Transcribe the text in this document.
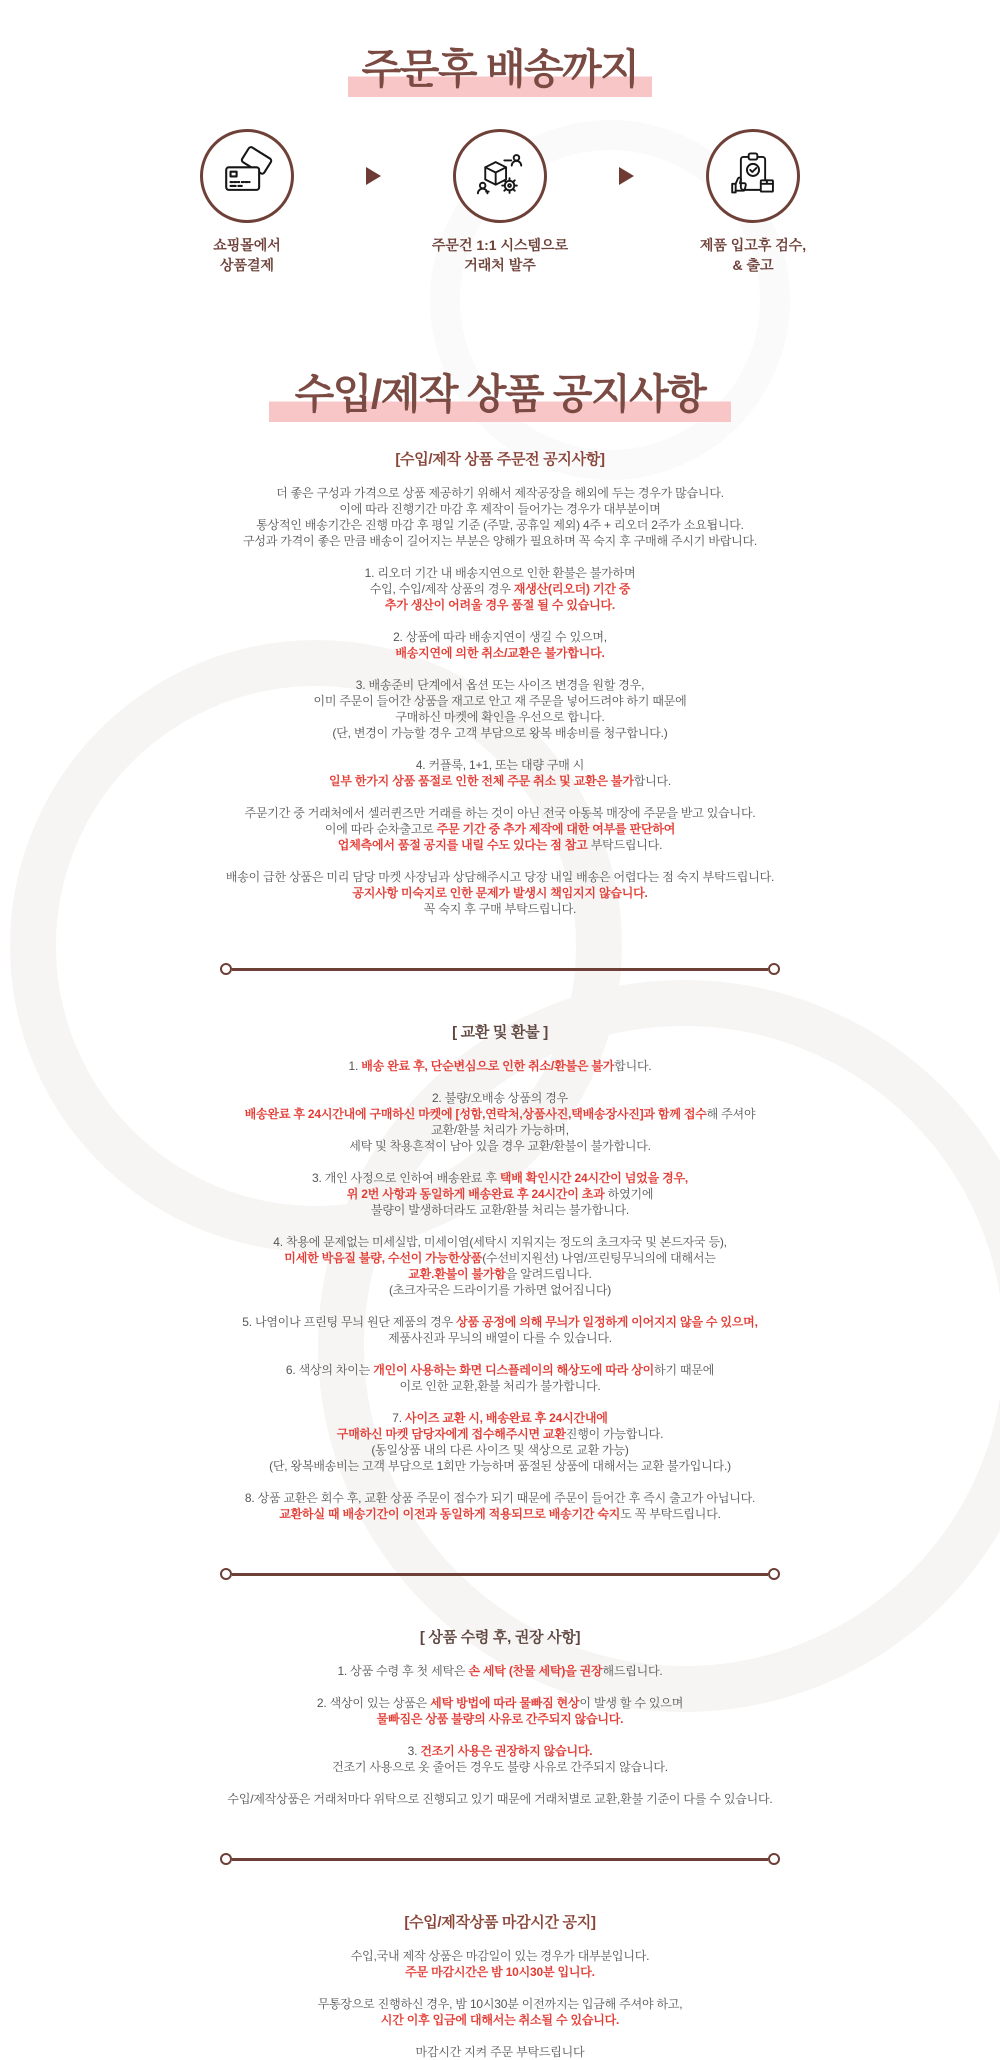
주문후 배송까지
쇼핑몰에서
상품결제
주문건 1:1 시스템으로
거래처 발주
제품 입고후 검수,
& 출고
수입/제작 상품 공지사항
[수입/제작 상품 주문전 공지사항]

더 좋은 구성과 가격으로 상품 제공하기 위해서 제작공장을 해외에 두는 경우가 많습니다.

이에 따라 진행기간 마감 후 제작이 들어가는 경우가 대부분이며

통상적인 배송기간은 진행 마감 후 평일 기준 (주말, 공휴일 제외) 4주 + 리오더 2주가 소요됩니다.

구성과 가격이 좋은 만큼 배송이 길어지는 부분은 양해가 필요하며 꼭 숙지 후 구매해 주시기 바랍니다.

1. 리오더 기간 내 배송지연으로 인한 환불은 불가하며

수입, 수입/제작 상품의 경우 재생산(리오더) 기간 중

추가 생산이 어려울 경우 품절 될 수 있습니다.

2. 상품에 따라 배송지연이 생길 수 있으며,

배송지연에 의한 취소/교환은 불가합니다.

3. 배송준비 단계에서 옵션 또는 사이즈 변경을 원할 경우,

이미 주문이 들어간 상품을 재고로 안고 재 주문을 넣어드려야 하기 때문에

구매하신 마켓에 확인을 우선으로 합니다.

(단, 변경이 가능할 경우 고객 부담으로 왕복 배송비를 청구합니다.)

4. 커플룩, 1+1, 또는 대량 구매 시

일부 한가지 상품 품절로 인한 전체 주문 취소 및 교환은 불가합니다.

주문기간 중 거래처에서 셀러퀸즈만 거래를 하는 것이 아닌 전국 아동복 매장에 주문을 받고 있습니다.

이에 따라 순차출고로 주문 기간 중 추가 제작에 대한 여부를 판단하여

업체측에서 품절 공지를 내릴 수도 있다는 점 참고 부탁드립니다.

배송이 급한 상품은 미리 담당 마켓 사장님과 상담해주시고 당장 내일 배송은 어렵다는 점 숙지 부탁드립니다.

공지사항 미숙지로 인한 문제가 발생시 책임지지 않습니다.

꼭 숙지 후 구매 부탁드립니다.

[ 교환 및 환불 ]

1. 배송 완료 후, 단순변심으로 인한 취소/환불은 불가합니다.

2. 불량/오배송 상품의 경우

배송완료 후 24시간내에 구매하신 마켓에 [성함,연락처,상품사진,택배송장사진]과 함께 접수해 주셔야

교환/환불 처리가 가능하며,

세탁 및 착용흔적이 남아 있을 경우 교환/환불이 불가합니다.

3. 개인 사정으로 인하여 배송완료 후 택배 확인시간 24시간이 넘었을 경우,

위 2번 사항과 동일하게 배송완료 후 24시간이 초과 하였기에

불량이 발생하더라도 교환/환불 처리는 불가합니다.

4. 착용에 문제없는 미세실밥, 미세이염(세탁시 지워지는 정도의 초크자국 및 본드자국 등),

미세한 박음질 불량, 수선이 가능한상품(수선비지원선) 나염/프린팅무늬의에 대해서는

교환.환불이 불가함을 알려드립니다.

(초크자국은 드라이기를 가하면 없어집니다)

5. 나염이나 프린팅 무늬 원단 제품의 경우 상품 공정에 의해 무늬가 일정하게 이어지지 않을 수 있으며,

제품사진과 무늬의 배열이 다를 수 있습니다.

6. 색상의 차이는 개인이 사용하는 화면 디스플레이의 해상도에 따라 상이하기 때문에

이로 인한 교환,환불 처리가 불가합니다.

7. 사이즈 교환 시, 배송완료 후 24시간내에

구매하신 마켓 담당자에게 접수해주시면 교환진행이 가능합니다.

(동일상품 내의 다른 사이즈 및 색상으로 교환 가능)

(단, 왕복배송비는 고객 부담으로 1회만 가능하며 품절된 상품에 대해서는 교환 불가입니다.)

8. 상품 교환은 회수 후, 교환 상품 주문이 접수가 되기 때문에 주문이 들어간 후 즉시 출고가 아닙니다.

교환하실 때 배송기간이 이전과 동일하게 적용되므로 배송기간 숙지도 꼭 부탁드립니다.

[ 상품 수령 후, 권장 사항]

1. 상품 수령 후 첫 세탁은 손 세탁 (찬물 세탁)을 권장해드립니다.

2. 색상이 있는 상품은 세탁 방법에 따라 물빠짐 현상이 발생 할 수 있으며

물빠짐은 상품 불량의 사유로 간주되지 않습니다.

3. 건조기 사용은 권장하지 않습니다.

건조기 사용으로 옷 줄어든 경우도 불량 사유로 간주되지 않습니다.

수입/제작상품은 거래처마다 위탁으로 진행되고 있기 때문에 거래처별로 교환,환불 기준이 다를 수 있습니다.

[수입/제작상품 마감시간 공지]

수입,국내 제작 상품은 마감일이 있는 경우가 대부분입니다.

주문 마감시간은 밤 10시30분 입니다.

무통장으로 진행하신 경우, 밤 10시30분 이전까지는 입금해 주셔야 하고,

시간 이후 입금에 대해서는 취소될 수 있습니다.

마감시간 지켜 주문 부탁드립니다
